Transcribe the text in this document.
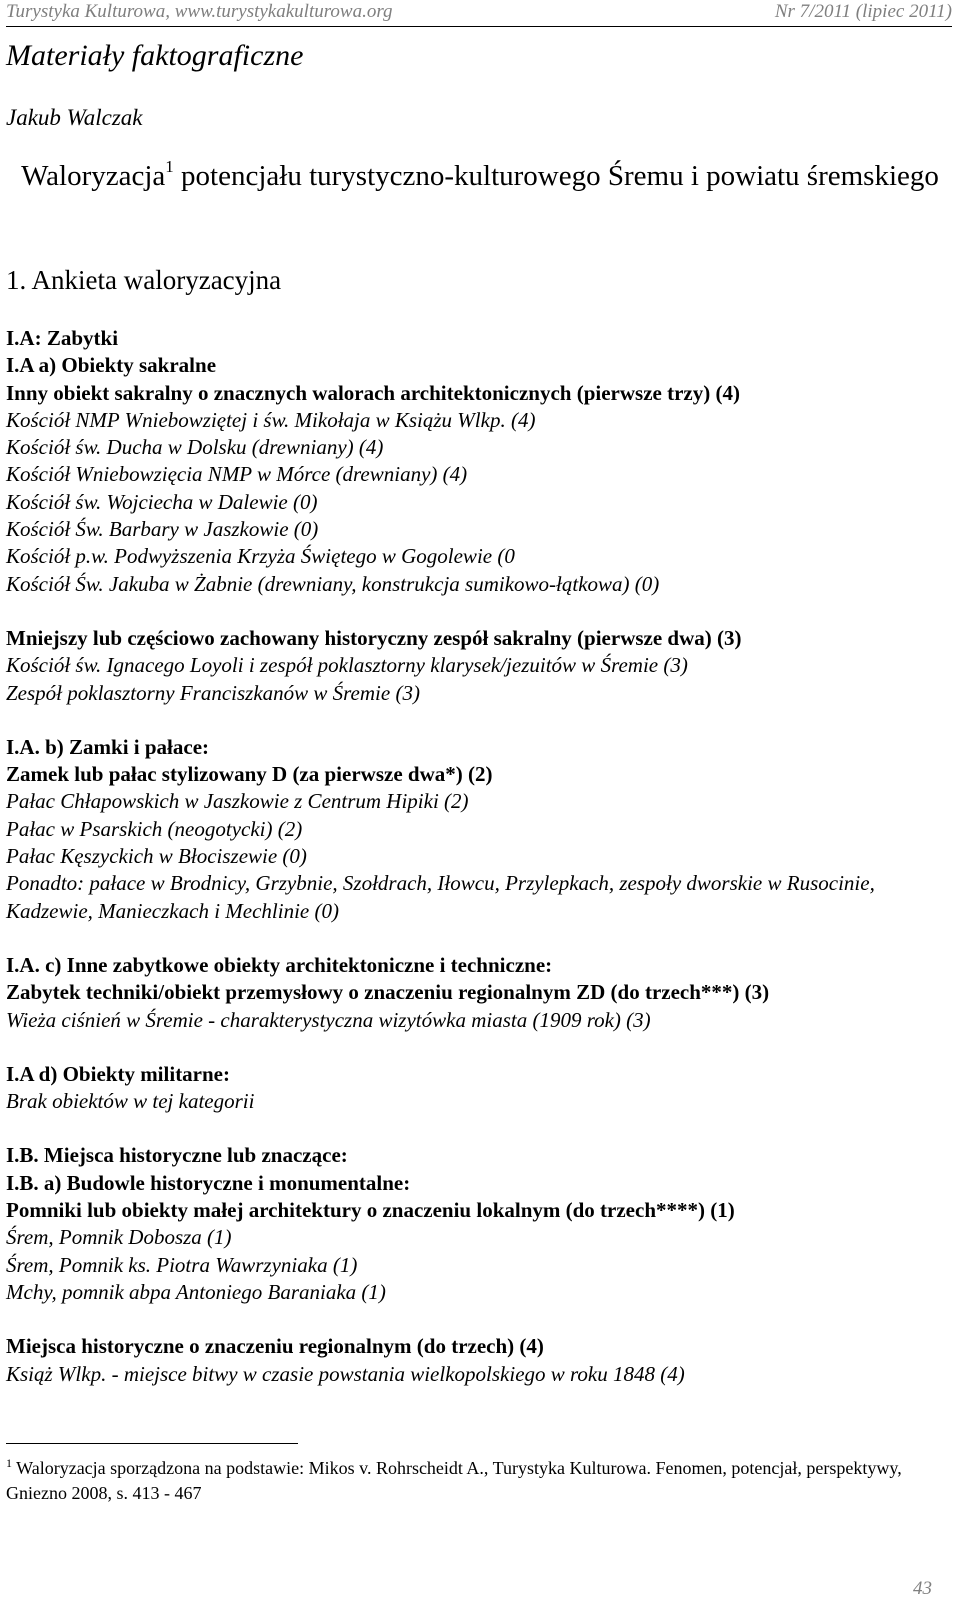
Turystyka Kulturowa, www.turystykakulturowa.org	Nr 7/2011 (lipiec 2011)
Materiały faktograficzne
Jakub Walczak
Waloryzacja$^1$ potencjału turystyczno-kulturowego Śremu i powiatu śremskiego
1. Ankieta waloryzacyjna
I.A: Zabytki
I.A a) Obiekty sakralne
Inny obiekt sakralny o znacznych walorach architektonicznych (pierwsze trzy) (4)
Kościół NMP Wniebowziętej i św. Mikołaja w Książu Wlkp. (4)
Kościół św. Ducha w Dolsku (drewniany) (4)
Kościół Wniebowzięcia NMP w Mórce (drewniany) (4)
Kościół św. Wojciecha w Dalewie (0)
Kościół Św. Barbary w Jaszkowie (0)
Kościół p.w. Podwyższenia Krzyża Świętego w Gogolewie (0
Kościół Św. Jakuba w Żabnie (drewniany, konstrukcja sumikowo-łątkowa) (0)
Mniejszy lub częściowo zachowany historyczny zespół sakralny (pierwsze dwa) (3)
Kościół św. Ignacego Loyoli i zespół poklasztorny klarysek/jezuitów w Śremie (3)
Zespół poklasztorny Franciszkanów w Śremie (3)
I.A. b) Zamki i pałace:
Zamek lub pałac stylizowany D (za pierwsze dwa*) (2)
Pałac Chłapowskich w Jaszkowie z Centrum Hipiki (2)
Pałac w Psarskich (neogotycki) (2)
Pałac Kęszyckich w Błociszewie (0)
Ponadto: pałace w Brodnicy, Grzybnie, Szołdrach, Iłowcu, Przylepkach, zespoły dworskie w Rusocinie, Kadzewie, Manieczkach i Mechlinie (0)
I.A. c) Inne zabytkowe obiekty architektoniczne i techniczne:
Zabytek techniki/obiekt przemysłowy o znaczeniu regionalnym ZD (do trzech***) (3)
Wieża ciśnień w Śremie - charakterystyczna wizytówka miasta (1909 rok) (3)
I.A d) Obiekty militarne:
Brak obiektów w tej kategorii
I.B. Miejsca historyczne lub znaczące:
I.B. a) Budowle historyczne i monumentalne:
Pomniki lub obiekty małej architektury o znaczeniu lokalnym (do trzech****) (1)
Śrem, Pomnik Dobosza (1)
Śrem, Pomnik ks. Piotra Wawrzyniaka (1)
Mchy, pomnik abpa Antoniego Baraniaka (1)
Miejsca historyczne o znaczeniu regionalnym (do trzech) (4)
Książ Wlkp. - miejsce bitwy w czasie powstania wielkopolskiego w roku 1848 (4)
$^1$ Waloryzacja sporządzona na podstawie: Mikos v. Rohrscheidt A., Turystyka Kulturowa. Fenomen, potencjał, perspektywy, Gniezno 2008, s. 413 - 467
43
